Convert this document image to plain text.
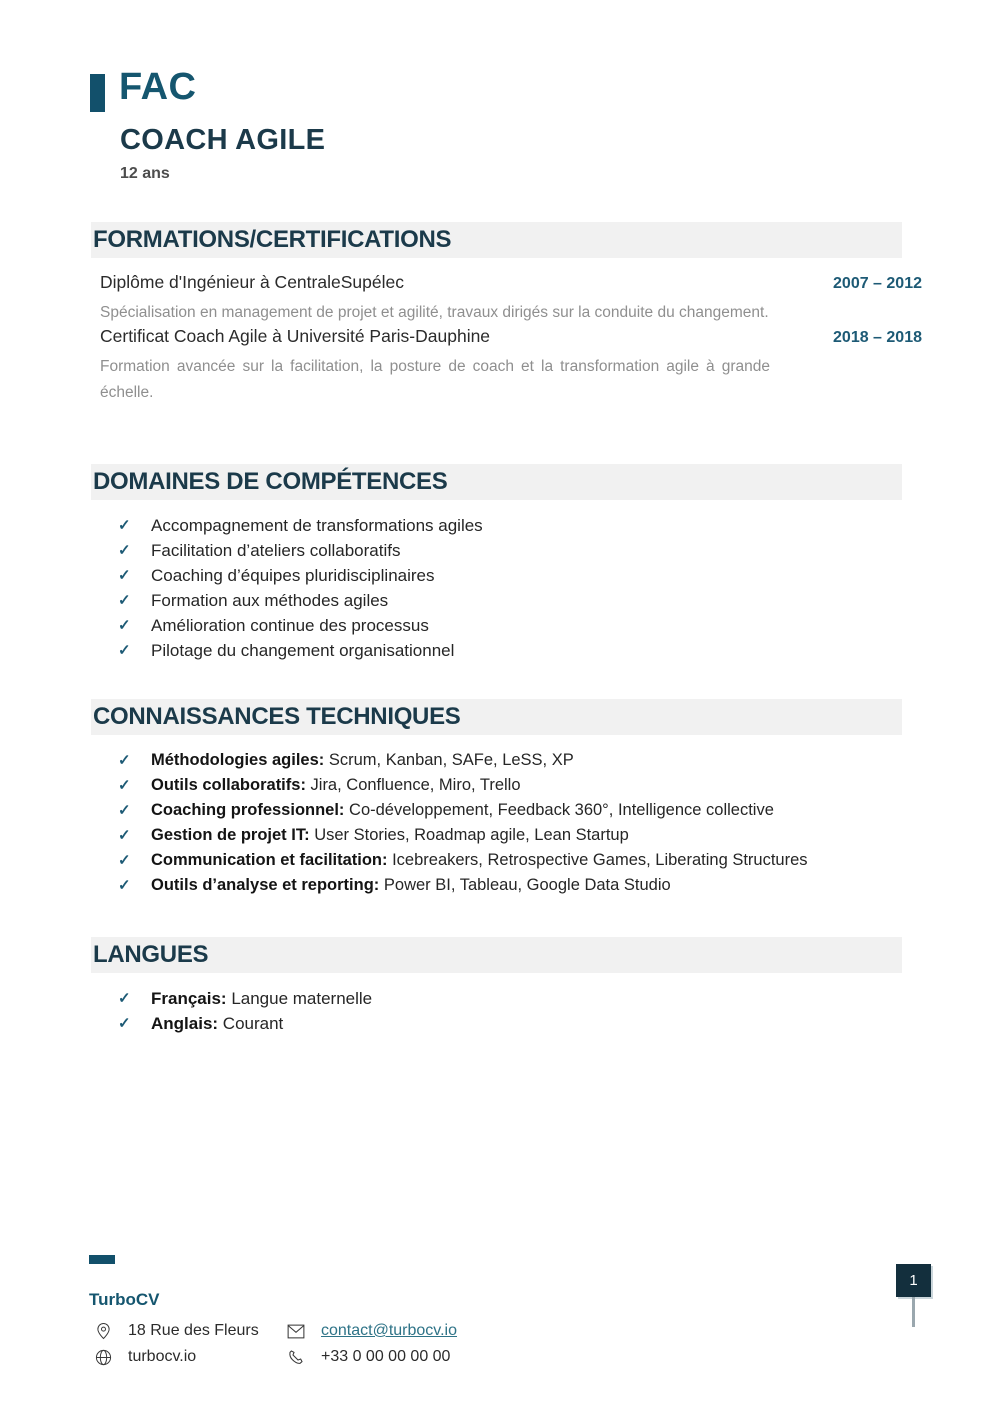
FAC
COACH AGILE
12 ans
FORMATIONS/CERTIFICATIONS
Diplôme d'Ingénieur à CentraleSupélec	2007 – 2012
Spécialisation en management de projet et agilité, travaux dirigés sur la conduite du changement.
Certificat Coach Agile à Université Paris-Dauphine	2018 – 2018
Formation avancée sur la facilitation, la posture de coach et la transformation agile à grande échelle.
DOMAINES DE COMPÉTENCES
✓ Accompagnement de transformations agiles
✓ Facilitation d’ateliers collaboratifs
✓ Coaching d’équipes pluridisciplinaires
✓ Formation aux méthodes agiles
✓ Amélioration continue des processus
✓ Pilotage du changement organisationnel
CONNAISSANCES TECHNIQUES
✓ Méthodologies agiles: Scrum, Kanban, SAFe, LeSS, XP
✓ Outils collaboratifs: Jira, Confluence, Miro, Trello
✓ Coaching professionnel: Co-développement, Feedback 360°, Intelligence collective
✓ Gestion de projet IT: User Stories, Roadmap agile, Lean Startup
✓ Communication et facilitation: Icebreakers, Retrospective Games, Liberating Structures
✓ Outils d’analyse et reporting: Power BI, Tableau, Google Data Studio
LANGUES
✓ Français: Langue maternelle
✓ Anglais: Courant
TurboCV
18 Rue des Fleurs
turbocv.io
contact@turbocv.io
+33 0 00 00 00 00
1
